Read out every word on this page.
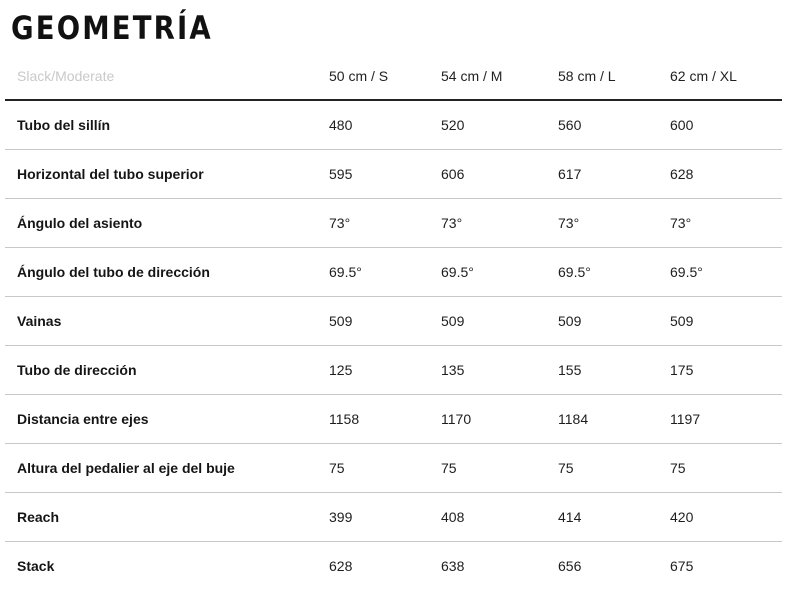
GEOMETRÍA
Slack/Moderate	50 cm / S	54 cm / M	58 cm / L	62 cm / XL
Tubo del sillín	480	520	560	600
Horizontal del tubo superior	595	606	617	628
Ángulo del asiento	73°	73°	73°	73°
Ángulo del tubo de dirección	69.5°	69.5°	69.5°	69.5°
Vainas	509	509	509	509
Tubo de dirección	125	135	155	175
Distancia entre ejes	1158	1170	1184	1197
Altura del pedalier al eje del buje	75	75	75	75
Reach	399	408	414	420
Stack	628	638	656	675
